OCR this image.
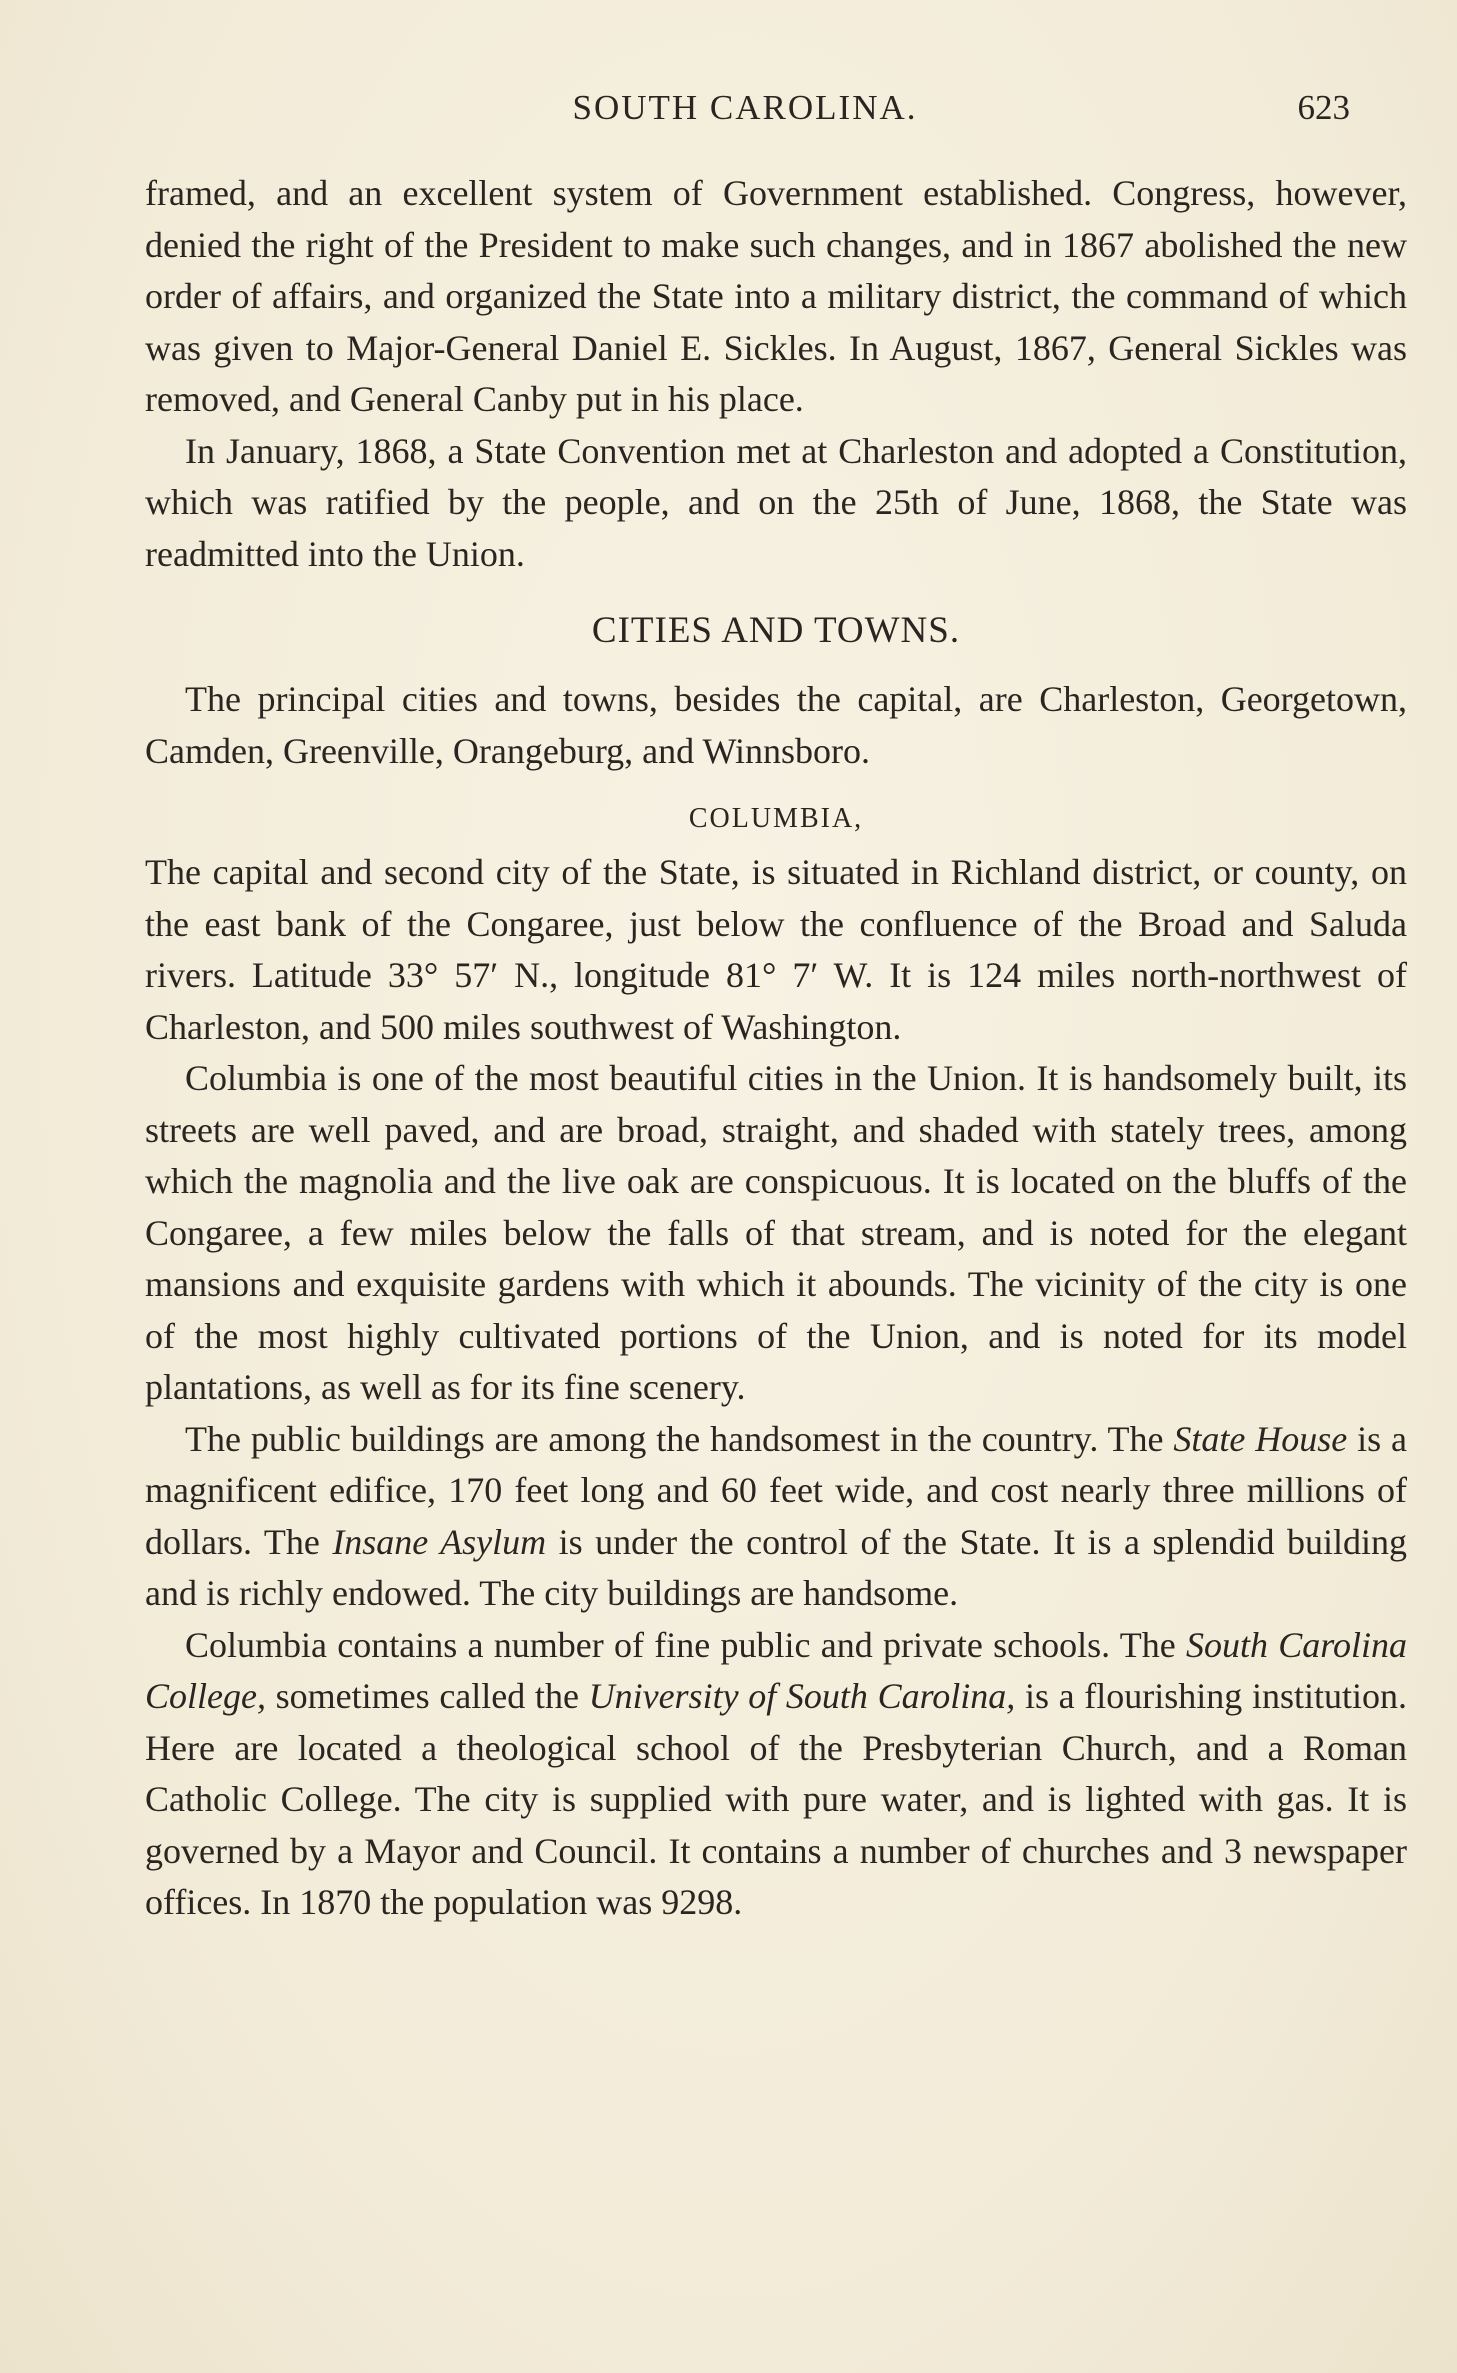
SOUTH CAROLINA.	623

framed, and an excellent system of Government established. Congress, however, denied the right of the President to make such changes, and in 1867 abolished the new order of affairs, and organized the State into a military district, the command of which was given to Major-General Daniel E. Sickles. In August, 1867, General Sickles was removed, and General Canby put in his place.

In January, 1868, a State Convention met at Charleston and adopted a Constitution, which was ratified by the people, and on the 25th of June, 1868, the State was readmitted into the Union.

CITIES AND TOWNS.

The principal cities and towns, besides the capital, are Charleston, Georgetown, Camden, Greenville, Orangeburg, and Winnsboro.

COLUMBIA,

The capital and second city of the State, is situated in Richland district, or county, on the east bank of the Congaree, just below the confluence of the Broad and Saluda rivers. Latitude 33° 57′ N., longitude 81° 7′ W. It is 124 miles north-northwest of Charleston, and 500 miles southwest of Washington.

Columbia is one of the most beautiful cities in the Union. It is handsomely built, its streets are well paved, and are broad, straight, and shaded with stately trees, among which the magnolia and the live oak are conspicuous. It is located on the bluffs of the Congaree, a few miles below the falls of that stream, and is noted for the elegant mansions and exquisite gardens with which it abounds. The vicinity of the city is one of the most highly cultivated portions of the Union, and is noted for its model plantations, as well as for its fine scenery.

The public buildings are among the handsomest in the country. The State House is a magnificent edifice, 170 feet long and 60 feet wide, and cost nearly three millions of dollars. The Insane Asylum is under the control of the State. It is a splendid building and is richly endowed. The city buildings are handsome.

Columbia contains a number of fine public and private schools. The South Carolina College, sometimes called the University of South Carolina, is a flourishing institution. Here are located a theological school of the Presbyterian Church, and a Roman Catholic College. The city is supplied with pure water, and is lighted with gas. It is governed by a Mayor and Council. It contains a number of churches and 3 newspaper offices. In 1870 the population was 9298.
